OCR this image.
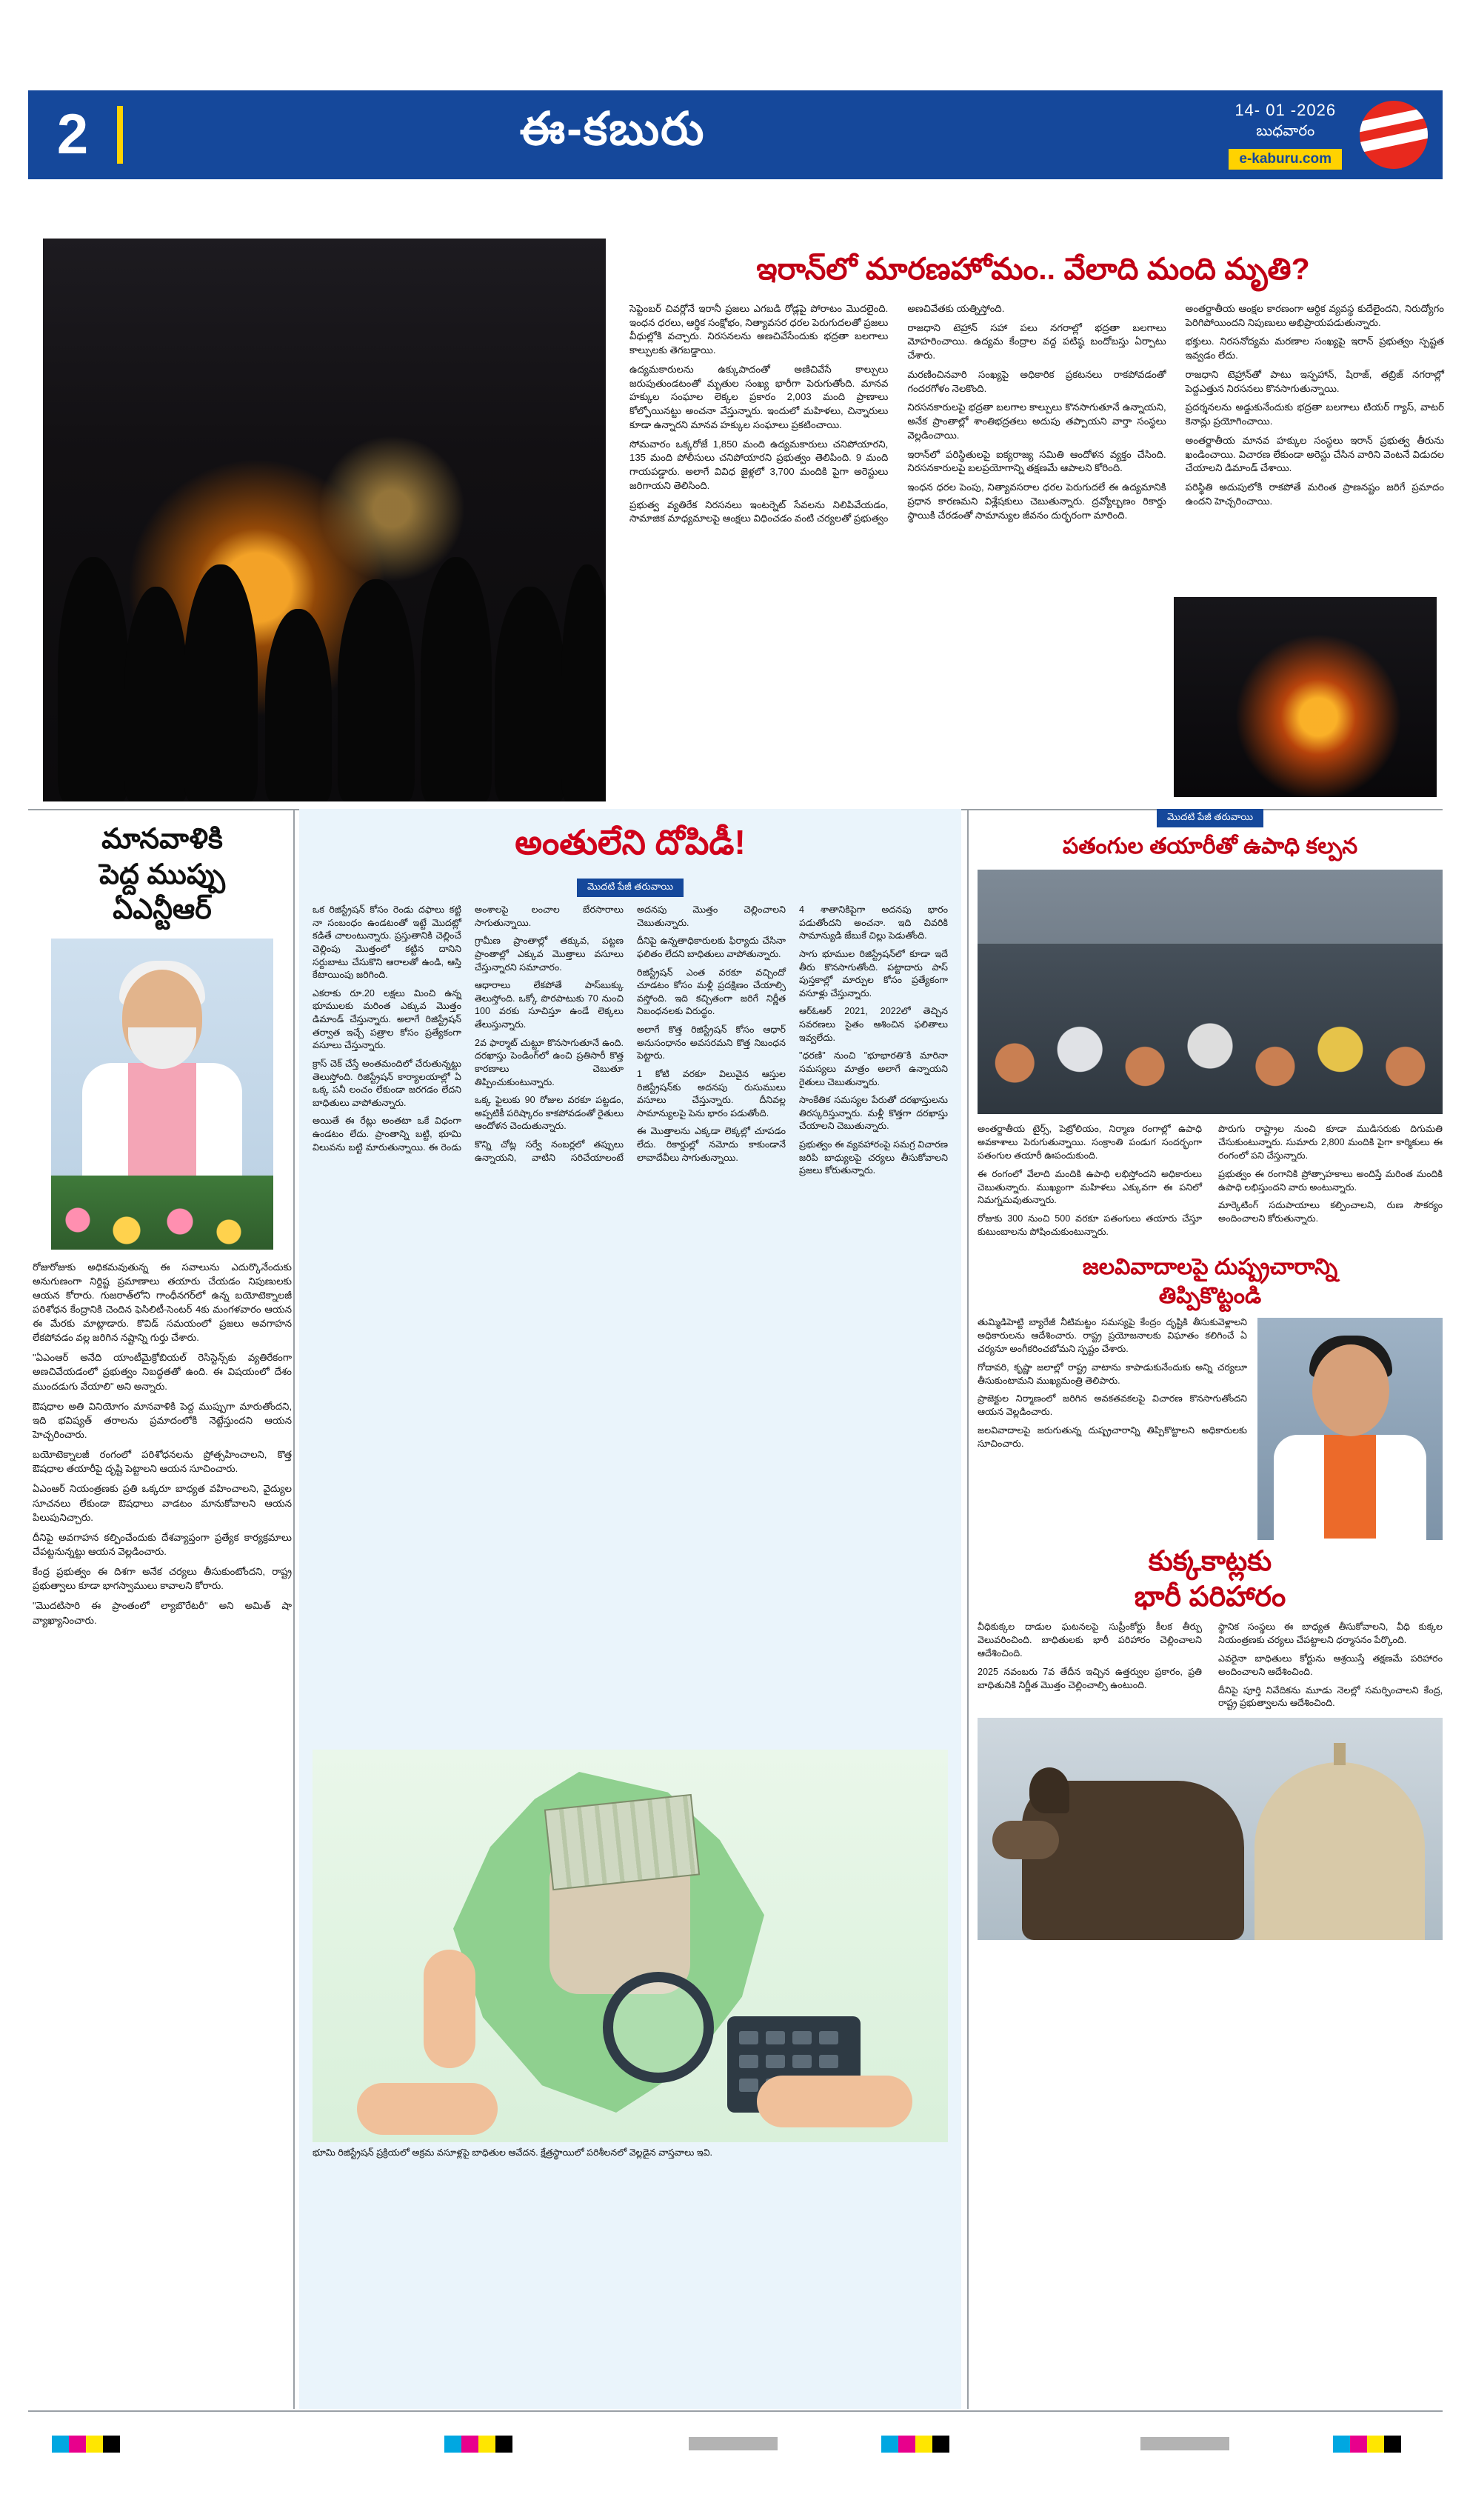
2	ఈ-కబురు	14- 01 -2026
బుధవారం
e-kaburu.com
ఇరాన్‌లో మారణహోమం.. వేలాది మంది మృతి?

సెప్టెంబర్ చివర్లోనే ఇరానీ ప్రజలు ఎగబడి రోడ్లపై పోరాటం మొదలైంది. ఇంధన ధరలు, ఆర్థిక సంక్షోభం, నిత్యావసర ధరల పెరుగుదలతో ప్రజలు వీధుల్లోకి వచ్చారు. నిరసనలను అణచివేసేందుకు భద్రతా బలగాలు కాల్పులకు తెగబడ్డాయి.

ఉద్యమకారులను ఉక్కుపాదంతో అణిచివేసే కాల్పులు జరుపుతుండటంతో మృతుల సంఖ్య భారీగా పెరుగుతోంది. మానవ హక్కుల సంఘాల లెక్కల ప్రకారం 2,003 మంది ప్రాణాలు కోల్పోయినట్టు అంచనా వేస్తున్నారు. ఇందులో మహిళలు, చిన్నారులు కూడా ఉన్నారని మానవ హక్కుల సంఘాలు ప్రకటించాయి.

సోమవారం ఒక్కరోజే 1,850 మంది ఉద్యమకారులు చనిపోయారని, 135 మంది పోలీసులు చనిపోయారని ప్రభుత్వం తెలిపింది. 9 మంది గాయపడ్డారు. అలాగే వివిధ జైళ్లలో 3,700 మందికి పైగా అరెస్టులు జరిగాయని తెలిసింది.

ప్రభుత్వ వ్యతిరేక నిరసనలు ఇంటర్నెట్ సేవలను నిలిపివేయడం, సామాజిక మాధ్యమాలపై ఆంక్షలు విధించడం వంటి చర్యలతో ప్రభుత్వం అణచివేతకు యత్నిస్తోంది.

రాజధాని టెహ్రాన్ సహా పలు నగరాల్లో భద్రతా బలగాలు మోహరించాయి. ఉద్యమ కేంద్రాల వద్ద పటిష్ఠ బందోబస్తు ఏర్పాటు చేశారు.

మరణించినవారి సంఖ్యపై అధికారిక ప్రకటనలు రాకపోవడంతో గందరగోళం నెలకొంది.

నిరసనకారులపై భద్రతా బలగాల కాల్పులు కొనసాగుతూనే ఉన్నాయని, అనేక ప్రాంతాల్లో శాంతిభద్రతలు అదుపు తప్పాయని వార్తా సంస్థలు వెల్లడించాయి.

ఇరాన్‌లో పరిస్థితులపై ఐక్యరాజ్య సమితి ఆందోళన వ్యక్తం చేసింది. నిరసనకారులపై బలప్రయోగాన్ని తక్షణమే ఆపాలని కోరింది.

ఇంధన ధరల పెంపు, నిత్యావసరాల ధరల పెరుగుదలే ఈ ఉద్యమానికి ప్రధాన కారణమని విశ్లేషకులు చెబుతున్నారు. ద్రవ్యోల్బణం రికార్డు స్థాయికి చేరడంతో సామాన్యుల జీవనం దుర్భరంగా మారింది.

అంతర్జాతీయ ఆంక్షల కారణంగా ఆర్థిక వ్యవస్థ కుదేలైందని, నిరుద్యోగం పెరిగిపోయిందని నిపుణులు అభిప్రాయపడుతున్నారు.

భక్తులు. నిరసనోద్యమ మరణాల సంఖ్యపై ఇరాన్ ప్రభుత్వం స్పష్టత ఇవ్వడం లేదు.

రాజధాని టెహ్రాన్‌తో పాటు ఇస్ఫహాన్, షిరాజ్, తబ్రిజ్ నగరాల్లో పెద్దఎత్తున నిరసనలు కొనసాగుతున్నాయి.

ప్రదర్శనలను అడ్డుకునేందుకు భద్రతా బలగాలు టియర్ గ్యాస్, వాటర్ కెనాన్లు ప్రయోగించాయి.

అంతర్జాతీయ మానవ హక్కుల సంస్థలు ఇరాన్ ప్రభుత్వ తీరును ఖండించాయి. విచారణ లేకుండా అరెస్టు చేసిన వారిని వెంటనే విడుదల చేయాలని డిమాండ్ చేశాయి.

పరిస్థితి అదుపులోకి రాకపోతే మరింత ప్రాణనష్టం జరిగే ప్రమాదం ఉందని హెచ్చరించాయి.

మానవాళికి
పెద్ద ముప్పు
ఏఎన్టీఆర్

రోజురోజుకు అధికమవుతున్న ఈ సవాలును ఎదుర్కొనేందుకు అనుగుణంగా నిర్దిష్ట ప్రమాణాలు తయారు చేయడం నిపుణులకు ఆయన కోరారు. గుజరాత్‌లోని గాంధీనగర్‌లో ఉన్న బయోటెక్నాలజీ పరిశోధన కేంద్రానికి చెందిన ఫెసిలిటీ-సెంటర్ 4కు మంగళవారం ఆయన ఈ మేరకు మాట్లాడారు. కొవిడ్ సమయంలో ప్రజలు అవగాహన లేకపోవడం వల్ల జరిగిన నష్టాన్ని గుర్తు చేశారు.

"ఏఎంఆర్ అనేది యాంటీమైక్రోబియల్ రెసిస్టెన్స్‌కు వ్యతిరేకంగా అణచివేయడంలో ప్రభుత్వం నిబద్ధతతో ఉంది. ఈ విషయంలో దేశం ముందడుగు వేయాలి" అని అన్నారు.

ఔషధాల అతి వినియోగం మానవాళికి పెద్ద ముప్పుగా మారుతోందని, ఇది భవిష్యత్ తరాలను ప్రమాదంలోకి నెట్టేస్తుందని ఆయన హెచ్చరించారు.

బయోటెక్నాలజీ రంగంలో పరిశోధనలను ప్రోత్సహించాలని, కొత్త ఔషధాల తయారీపై దృష్టి పెట్టాలని ఆయన సూచించారు.

ఏఎంఆర్ నియంత్రణకు ప్రతి ఒక్కరూ బాధ్యత వహించాలని, వైద్యుల సూచనలు లేకుండా ఔషధాలు వాడటం మానుకోవాలని ఆయన పిలుపునిచ్చారు.

దీనిపై అవగాహన కల్పించేందుకు దేశవ్యాప్తంగా ప్రత్యేక కార్యక్రమాలు చేపట్టనున్నట్టు ఆయన వెల్లడించారు.

కేంద్ర ప్రభుత్వం ఈ దిశగా అనేక చర్యలు తీసుకుంటోందని, రాష్ట్ర ప్రభుత్వాలు కూడా భాగస్వాములు కావాలని కోరారు.

"మొదటిసారి ఈ ప్రాంతంలో ల్యాబొరేటరీ" అని అమిత్ షా వ్యాఖ్యానించారు.

అంతులేని దోపిడీ!
మొదటి పేజీ తరువాయి

ఒక రిజిస్ట్రేషన్ కోసం రెండు దఫాలు కట్టి నా సంబంధం ఉండటంతో ఇట్టే మొదట్లో కడితే చాలంటున్నారు. ప్రస్తుతానికి చెల్లించే చెల్లింపు మొత్తంలో కట్టిన దానిని సర్దుబాటు చేసుకొని ఆరాలతో ఉండి, ఆస్తి కేటాయింపు జరిగింది.

ఎకరాకు రూ.20 లక్షలు మించి ఉన్న భూములకు మరింత ఎక్కువ మొత్తం డిమాండ్ చేస్తున్నారు. అలాగే రిజిస్ట్రేషన్ తర్వాత ఇచ్చే పత్రాల కోసం ప్రత్యేకంగా వసూలు చేస్తున్నారు.

క్రాస్ చెక్ చేస్తే అంతమందిలో చేరుతున్నట్టు తెలుస్తోంది. రిజిస్ట్రేషన్ కార్యాలయాల్లో ఏ ఒక్క పనీ లంచం లేకుండా జరగడం లేదని బాధితులు వాపోతున్నారు.

అయితే ఈ రేట్లు అంతటా ఒకే విధంగా ఉండటం లేదు. ప్రాంతాన్ని బట్టి, భూమి విలువను బట్టి మారుతున్నాయి. ఈ రెండు అంశాలపై లంచాల బేరసారాలు సాగుతున్నాయి.

గ్రామీణ ప్రాంతాల్లో తక్కువ, పట్టణ ప్రాంతాల్లో ఎక్కువ మొత్తాలు వసూలు చేస్తున్నారని సమాచారం.

ఆధారాలు లేకపోతే పాస్‌బుక్కు తెలుస్తోంది. ఒక్కో పొరపాటుకు 70 నుంచి 100 వరకు సూచిస్తూ ఉండే లెక్కలు తేలుస్తున్నారు.

2వ ఫార్మాట్ చుట్టూ కొనసాగుతూనే ఉంది. దరఖాస్తు పెండింగ్‌లో ఉంచి ప్రతిసారీ కొత్త కారణాలు చెబుతూ తిప్పించుకుంటున్నారు.

ఒక్క ఫైలుకు 90 రోజుల వరకూ పట్టడం, అప్పటికీ పరిష్కారం కాకపోవడంతో రైతులు ఆందోళన చెందుతున్నారు.

కొన్ని చోట్ల సర్వే నంబర్లలో తప్పులు ఉన్నాయని, వాటిని సరిచేయాలంటే అదనపు మొత్తం చెల్లించాలని చెబుతున్నారు.

దీనిపై ఉన్నతాధికారులకు ఫిర్యాదు చేసినా ఫలితం లేదని బాధితులు వాపోతున్నారు.

రిజిస్ట్రేషన్ ఎంత వరకూ వచ్చిందో చూడటం కోసం మళ్లీ ప్రదక్షిణం చేయాల్సి వస్తోంది. ఇది కచ్చితంగా జరిగే నిర్ణీత నిబంధనలకు విరుద్ధం.

అలాగే కొత్త రిజిస్ట్రేషన్ కోసం ఆధార్ అనుసంధానం అవసరమని కొత్త నిబంధన పెట్టారు.

1 కోటి వరకూ విలువైన ఆస్తుల రిజిస్ట్రేషన్‌కు అదనపు రుసుములు వసూలు చేస్తున్నారు. దీనివల్ల సామాన్యులపై పెను భారం పడుతోంది.

ఈ మొత్తాలను ఎక్కడా లెక్కల్లో చూపడం లేదు. రికార్డుల్లో నమోదు కాకుండానే లావాదేవీలు సాగుతున్నాయి.

4 శాతానికిపైగా అదనపు భారం పడుతోందని అంచనా. ఇది చివరికి సామాన్యుడి జేబుకే చిల్లు పెడుతోంది.

సాగు భూముల రిజిస్ట్రేషన్‌లో కూడా ఇదే తీరు కొనసాగుతోంది. పట్టాదారు పాస్ పుస్తకాల్లో మార్పుల కోసం ప్రత్యేకంగా వసూళ్లు చేస్తున్నారు.

ఆర్‌ఓఆర్ 2021, 2022లో తెచ్చిన సవరణలు సైతం ఆశించిన ఫలితాలు ఇవ్వలేదు.

"ధరణి" నుంచి "భూభారతి"కి మారినా సమస్యలు మాత్రం అలాగే ఉన్నాయని రైతులు చెబుతున్నారు.

సాంకేతిక సమస్యల పేరుతో దరఖాస్తులను తిరస్కరిస్తున్నారు. మళ్లీ కొత్తగా దరఖాస్తు చేయాలని చెబుతున్నారు.

ప్రభుత్వం ఈ వ్యవహారంపై సమగ్ర విచారణ జరిపి బాధ్యులపై చర్యలు తీసుకోవాలని ప్రజలు కోరుతున్నారు.

భూమి రిజిస్ట్రేషన్ ప్రక్రియలో అక్రమ వసూళ్లపై బాధితుల ఆవేదన. క్షేత్రస్థాయిలో పరిశీలనలో వెల్లడైన వాస్తవాలు ఇవి.
మొదటి పేజీ తరువాయి
పతంగుల తయారీతో ఉపాధి కల్పన

అంతర్జాతీయ టైర్స్, పెట్రోలియం, నిర్మాణ రంగాల్లో ఉపాధి అవకాశాలు పెరుగుతున్నాయి. సంక్రాంతి పండుగ సందర్భంగా పతంగుల తయారీ ఊపందుకుంది.

ఈ రంగంలో వేలాది మందికి ఉపాధి లభిస్తోందని అధికారులు చెబుతున్నారు. ముఖ్యంగా మహిళలు ఎక్కువగా ఈ పనిలో నిమగ్నమవుతున్నారు.

రోజుకు 300 నుంచి 500 వరకూ పతంగులు తయారు చేస్తూ కుటుంబాలను పోషించుకుంటున్నారు.

పొరుగు రాష్ట్రాల నుంచి కూడా ముడిసరుకు దిగుమతి చేసుకుంటున్నారు. సుమారు 2,800 మందికి పైగా కార్మికులు ఈ రంగంలో పని చేస్తున్నారు.

ప్రభుత్వం ఈ రంగానికి ప్రోత్సాహకాలు అందిస్తే మరింత మందికి ఉపాధి లభిస్తుందని వారు అంటున్నారు.

మార్కెటింగ్ సదుపాయాలు కల్పించాలని, రుణ సౌకర్యం అందించాలని కోరుతున్నారు.

జలవివాదాలపై దుష్ప్రచారాన్ని
తిప్పికొట్టండి

తుమ్మిడిహెట్టి బ్యారేజీ నీటిమట్టం సమస్యపై కేంద్రం దృష్టికి తీసుకువెళ్లాలని అధికారులను ఆదేశించారు. రాష్ట్ర ప్రయోజనాలకు విఘాతం కలిగించే ఏ చర్యనూ అంగీకరించబోమని స్పష్టం చేశారు.

గోదావరి, కృష్ణా జలాల్లో రాష్ట్ర వాటాను కాపాడుకునేందుకు అన్ని చర్యలూ తీసుకుంటామని ముఖ్యమంత్రి తెలిపారు.

ప్రాజెక్టుల నిర్మాణంలో జరిగిన అవకతవకలపై విచారణ కొనసాగుతోందని ఆయన వెల్లడించారు.

జలవివాదాలపై జరుగుతున్న దుష్ప్రచారాన్ని తిప్పికొట్టాలని అధికారులకు సూచించారు.

కుక్కకాట్లకు
భారీ పరిహారం

వీధికుక్కల దాడుల ఘటనలపై సుప్రీంకోర్టు కీలక తీర్పు వెలువరించింది. బాధితులకు భారీ పరిహారం చెల్లించాలని ఆదేశించింది.

2025 నవంబరు 7వ తేదీన ఇచ్చిన ఉత్తర్వుల ప్రకారం, ప్రతి బాధితునికి నిర్ణీత మొత్తం చెల్లించాల్సి ఉంటుంది.

స్థానిక సంస్థలు ఈ బాధ్యత తీసుకోవాలని, వీధి కుక్కల నియంత్రణకు చర్యలు చేపట్టాలని ధర్మాసనం పేర్కొంది.

ఎవరైనా బాధితులు కోర్టును ఆశ్రయిస్తే తక్షణమే పరిహారం అందించాలని ఆదేశించింది.

దీనిపై పూర్తి నివేదికను మూడు నెలల్లో సమర్పించాలని కేంద్ర, రాష్ట్ర ప్రభుత్వాలను ఆదేశించింది.
